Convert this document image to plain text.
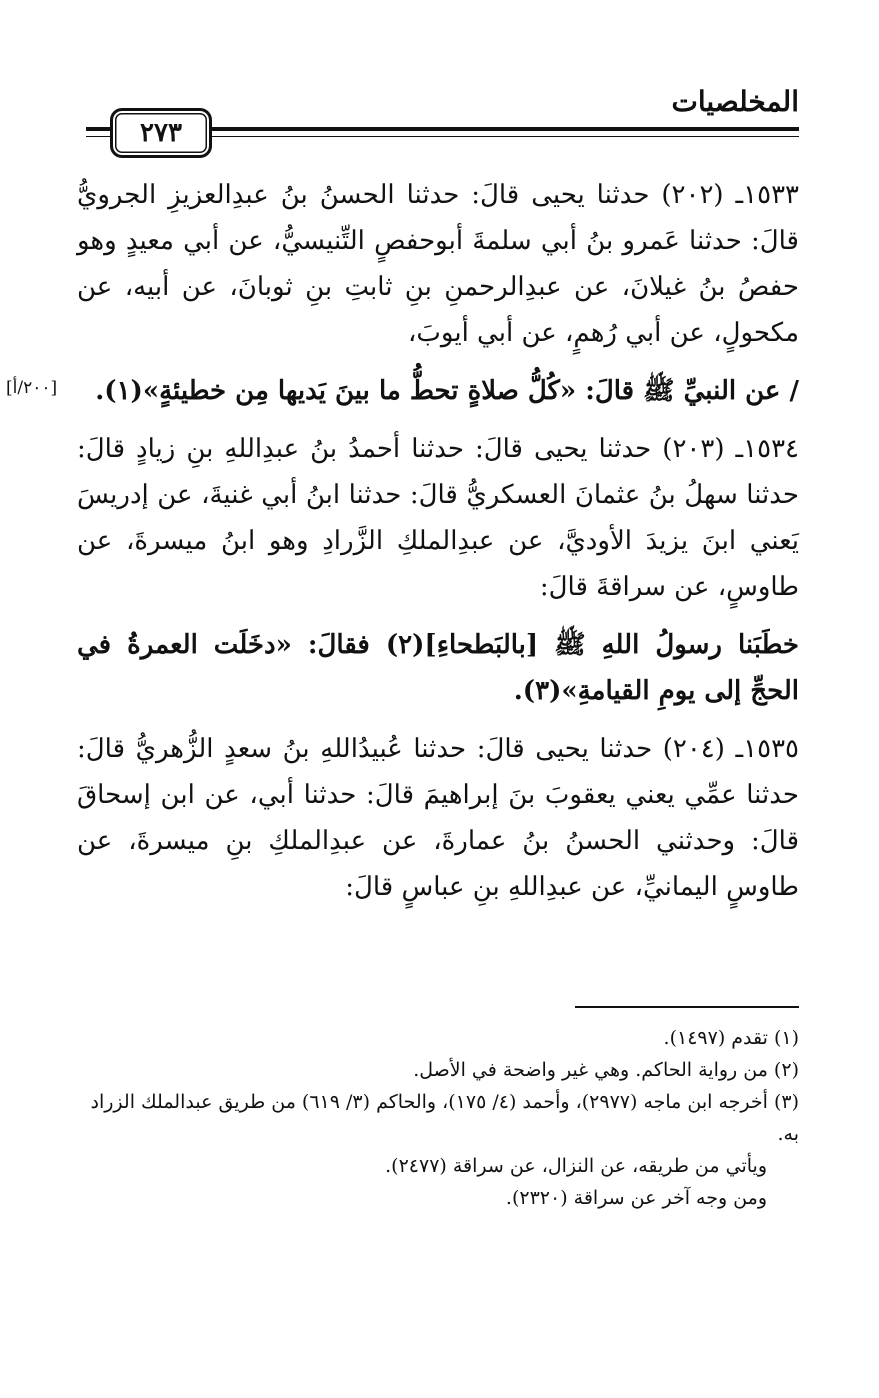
المخلصيات
٢٧٣
[٢٠٠/أ]

١٥٣٣ـ (٢٠٢) حدثنا يحيى قالَ: حدثنا الحسنُ بنُ عبدِالعزيزِ الجرويُّ قالَ: حدثنا عَمرو بنُ أبي سلمةَ أبوحفصٍ التِّنيسيُّ، عن أبي معيدٍ وهو حفصُ بنُ غيلانَ، عن عبدِالرحمنِ بنِ ثابتِ بنِ ثوبانَ، عن أبيه، عن مكحولٍ، عن أبي رُهمٍ، عن أبي أيوبَ،

/ عن النبيِّ ﷺ قالَ: «كُلُّ صلاةٍ تحطُّ ما بينَ يَديها مِن خطيئةٍ»(١).

١٥٣٤ـ (٢٠٣) حدثنا يحيى قالَ: حدثنا أحمدُ بنُ عبدِاللهِ بنِ زيادٍ قالَ: حدثنا سهلُ بنُ عثمانَ العسكريُّ قالَ: حدثنا ابنُ أبي غنيةَ، عن إدريسَ يَعني ابنَ يزيدَ الأوديَّ، عن عبدِالملكِ الزَّرادِ وهو ابنُ ميسرةَ، عن طاوسٍ، عن سراقةَ قالَ:

خطَبَنا رسولُ اللهِ ﷺ [بالبَطحاءِ](٢) فقالَ: «دخَلَت العمرةُ في الحجِّ إلى يومِ القيامةِ»(٣).

١٥٣٥ـ (٢٠٤) حدثنا يحيى قالَ: حدثنا عُبيدُاللهِ بنُ سعدٍ الزُّهريُّ قالَ: حدثنا عمِّي يعني يعقوبَ بنَ إبراهيمَ قالَ: حدثنا أبي، عن ابن إسحاقَ قالَ: وحدثني الحسنُ بنُ عمارةَ، عن عبدِالملكِ بنِ ميسرةَ، عن طاوسٍ اليمانيِّ، عن عبدِاللهِ بنِ عباسٍ قالَ:

(١) تقدم (١٤٩٧).

(٢) من رواية الحاكم. وهي غير واضحة في الأصل.

(٣) أخرجه ابن ماجه (٢٩٧٧)، وأحمد (٤/ ١٧٥)، والحاكم (٣/ ٦١٩) من طريق عبدالملك الزراد به.

ويأتي من طريقه، عن النزال، عن سراقة (٢٤٧٧).

ومن وجه آخر عن سراقة (٢٣٢٠).
